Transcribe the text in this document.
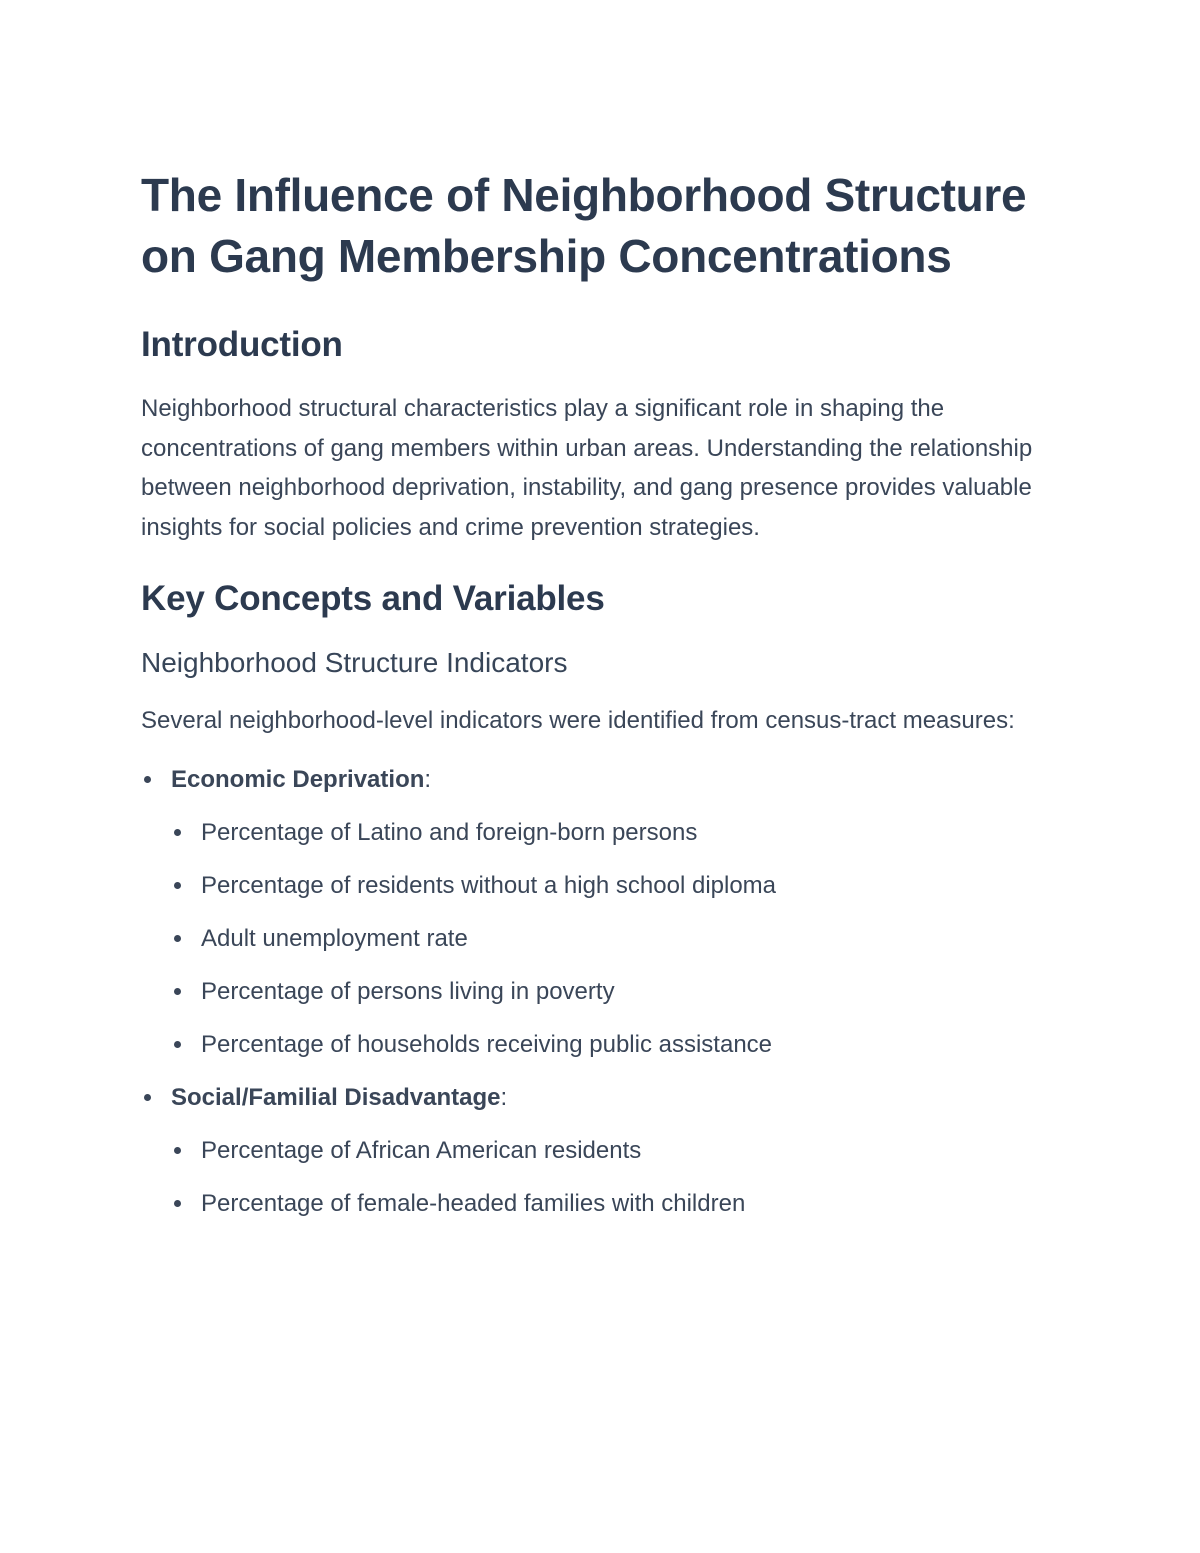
The Influence of Neighborhood Structure on Gang Membership Concentrations
Introduction

Neighborhood structural characteristics play a significant role in shaping the concentrations of gang members within urban areas. Understanding the relationship between neighborhood deprivation, instability, and gang presence provides valuable insights for social policies and crime prevention strategies.

Key Concepts and Variables
Neighborhood Structure Indicators

Several neighborhood-level indicators were identified from census-tract measures:

Economic Deprivation:
Percentage of Latino and foreign-born persons
Percentage of residents without a high school diploma
Adult unemployment rate
Percentage of persons living in poverty
Percentage of households receiving public assistance
Social/Familial Disadvantage:
Percentage of African American residents
Percentage of female-headed families with children
